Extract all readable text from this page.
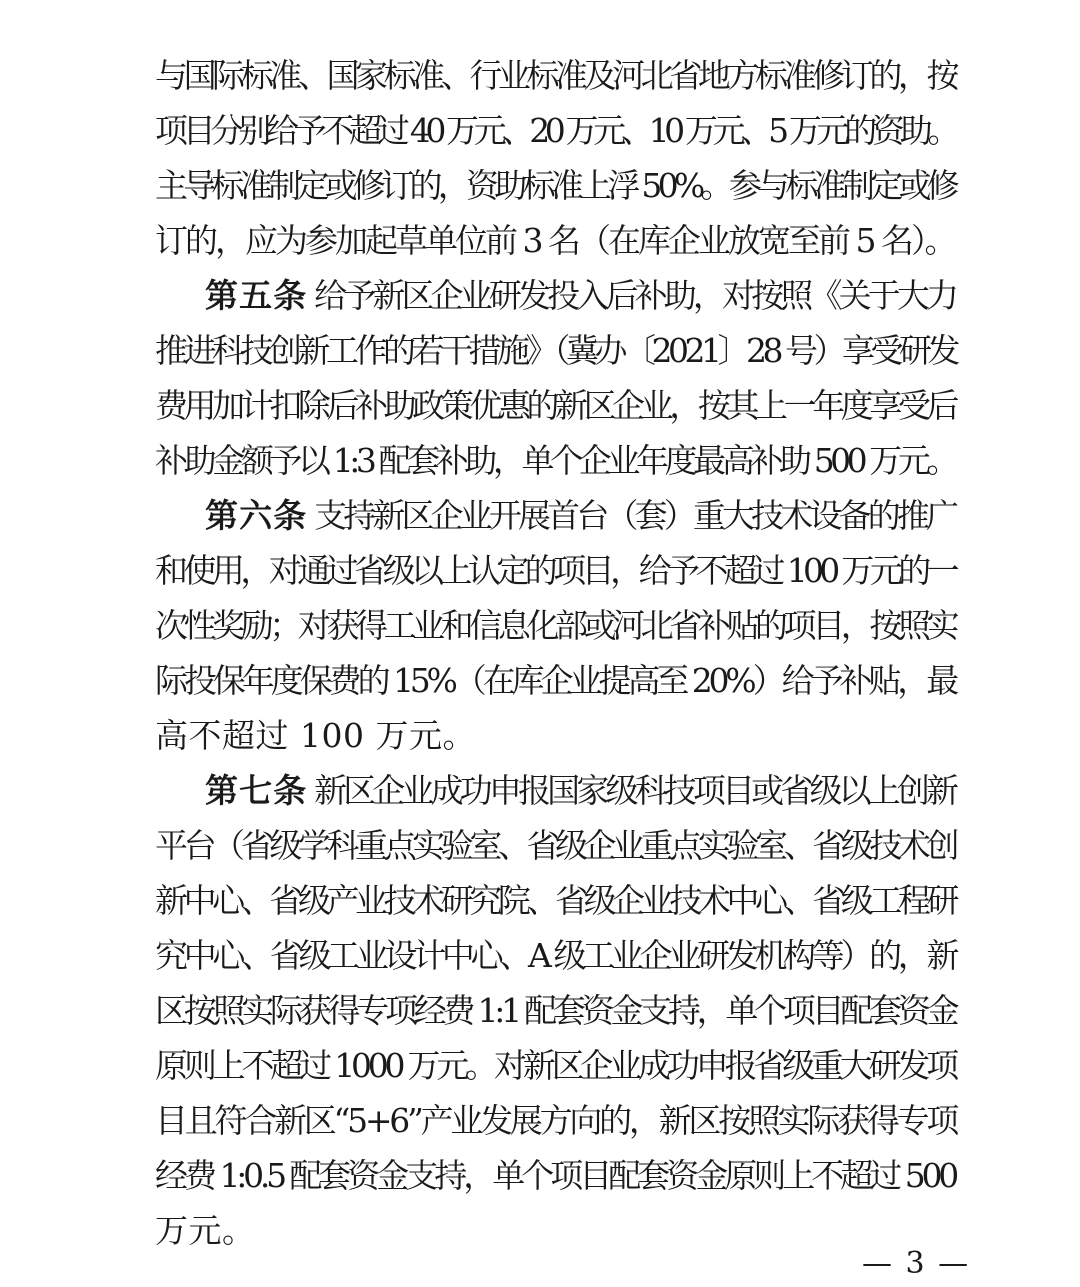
与国际标准、国家标准、行业标准及河北省地方标准修订的，按
项目分别给予不超过 40 万元、20 万元、10 万元、5 万元的资助。
主导标准制定或修订的，资助标准上浮 50%。参与标准制定或修
订的，应为参加起草单位前 3 名（在库企业放宽至前 5 名）。
第五条 给予新区企业研发投入后补助，对按照《关于大力
推进科技创新工作的若干措施》（冀办〔2021〕28 号）享受研发
费用加计扣除后补助政策优惠的新区企业，按其上一年度享受后
补助金额予以 1:3 配套补助，单个企业年度最高补助 500 万元。
第六条 支持新区企业开展首台（套）重大技术设备的推广
和使用，对通过省级以上认定的项目，给予不超过 100 万元的一
次性奖励；对获得工业和信息化部或河北省补贴的项目，按照实
际投保年度保费的 15%（在库企业提高至 20%）给予补贴，最
高不超过 100 万元。
第七条 新区企业成功申报国家级科技项目或省级以上创新
平台（省级学科重点实验室、省级企业重点实验室、省级技术创
新中心、省级产业技术研究院、省级企业技术中心、省级工程研
究中心、省级工业设计中心、A 级工业企业研发机构等）的，新
区按照实际获得专项经费 1:1 配套资金支持，单个项目配套资金
原则上不超过 1000 万元。对新区企业成功申报省级重大研发项
目且符合新区“5+6”产业发展方向的，新区按照实际获得专项
经费 1:0.5 配套资金支持，单个项目配套资金原则上不超过 500
万元。
— 3 —
